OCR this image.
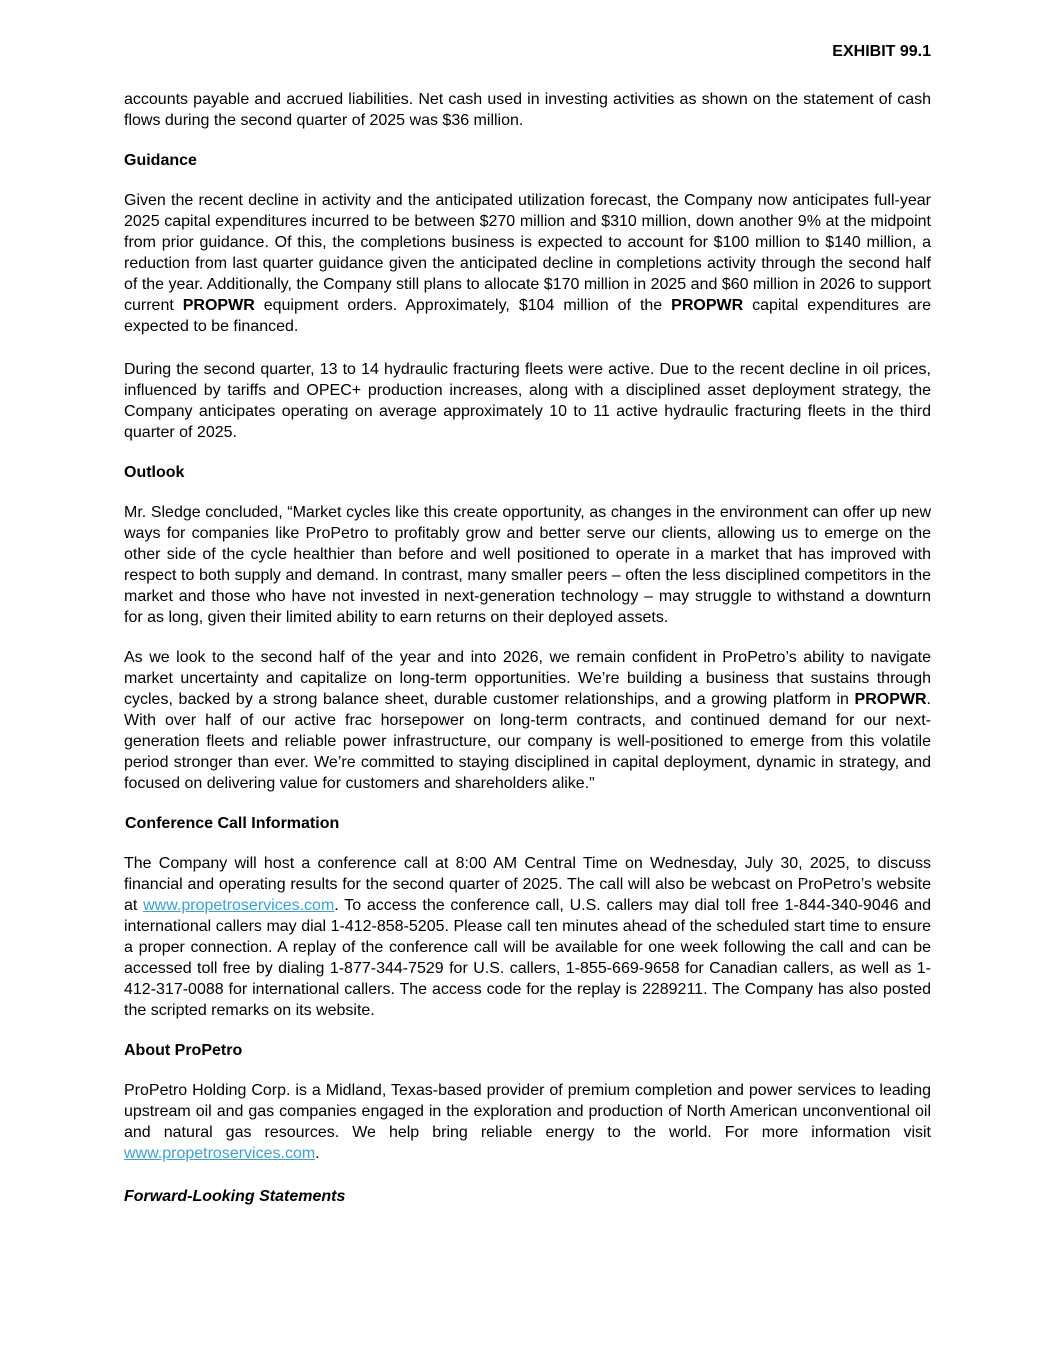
EXHIBIT 99.1

accounts payable and accrued liabilities. Net cash used in investing activities as shown on the statement of cash flows during the second quarter of 2025 was $36 million.

Guidance

Given the recent decline in activity and the anticipated utilization forecast, the Company now anticipates full-year 2025 capital expenditures incurred to be between $270 million and $310 million, down another 9% at the midpoint from prior guidance. Of this, the completions business is expected to account for $100 million to $140 million, a reduction from last quarter guidance given the anticipated decline in completions activity through the second half of the year. Additionally, the Company still plans to allocate $170 million in 2025 and $60 million in 2026 to support current PROPWR equipment orders. Approximately, $104 million of the PROPWR capital expenditures are expected to be financed.

During the second quarter, 13 to 14 hydraulic fracturing fleets were active. Due to the recent decline in oil prices, influenced by tariffs and OPEC+ production increases, along with a disciplined asset deployment strategy, the Company anticipates operating on average approximately 10 to 11 active hydraulic fracturing fleets in the third quarter of 2025.

Outlook

Mr. Sledge concluded, “Market cycles like this create opportunity, as changes in the environment can offer up new ways for companies like ProPetro to profitably grow and better serve our clients, allowing us to emerge on the other side of the cycle healthier than before and well positioned to operate in a market that has improved with respect to both supply and demand. In contrast, many smaller peers – often the less disciplined competitors in the market and those who have not invested in next-generation technology – may struggle to withstand a downturn for as long, given their limited ability to earn returns on their deployed assets.

As we look to the second half of the year and into 2026, we remain confident in ProPetro’s ability to navigate market uncertainty and capitalize on long-term opportunities. We’re building a business that sustains through cycles, backed by a strong balance sheet, durable customer relationships, and a growing platform in PROPWR. With over half of our active frac horsepower on long-term contracts, and continued demand for our next-generation fleets and reliable power infrastructure, our company is well-positioned to emerge from this volatile period stronger than ever. We’re committed to staying disciplined in capital deployment, dynamic in strategy, and focused on delivering value for customers and shareholders alike."

Conference Call Information

The Company will host a conference call at 8:00 AM Central Time on Wednesday, July 30, 2025, to discuss financial and operating results for the second quarter of 2025. The call will also be webcast on ProPetro’s website at www.propetroservices.com. To access the conference call, U.S. callers may dial toll free 1-844-340-9046 and international callers may dial 1-412-858-5205. Please call ten minutes ahead of the scheduled start time to ensure a proper connection. A replay of the conference call will be available for one week following the call and can be accessed toll free by dialing 1-877-344-7529 for U.S. callers, 1-855-669-9658 for Canadian callers, as well as 1-412-317-0088 for international callers. The access code for the replay is 2289211. The Company has also posted the scripted remarks on its website.

About ProPetro

ProPetro Holding Corp. is a Midland, Texas-based provider of premium completion and power services to leading upstream oil and gas companies engaged in the exploration and production of North American unconventional oil and natural gas resources. We help bring reliable energy to the world. For more information visit www.propetroservices.com.

Forward-Looking Statements
